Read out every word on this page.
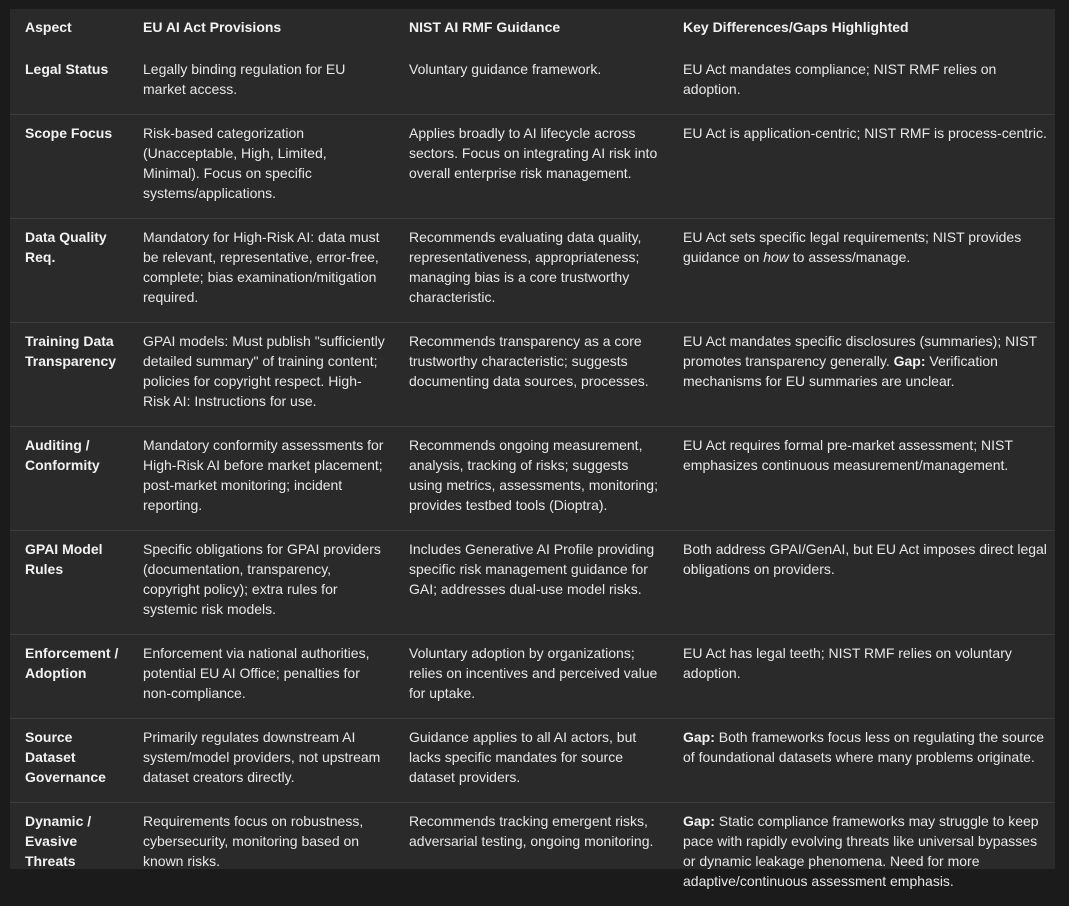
Aspect	EU AI Act Provisions	NIST AI RMF Guidance	Key Differences/Gaps Highlighted
Legal Status	Legally binding regulation for EU market access.	Voluntary guidance framework.	EU Act mandates compliance; NIST RMF relies on adoption.
Scope Focus	Risk-based categorization (Unacceptable, High, Limited, Minimal). Focus on specific systems/applications.	Applies broadly to AI lifecycle across sectors. Focus on integrating AI risk into overall enterprise risk management.	EU Act is application-centric; NIST RMF is process-centric.
Data Quality Req.	Mandatory for High-Risk AI: data must be relevant, representative, error-free, complete; bias examination/mitigation required.	Recommends evaluating data quality, representativeness, appropriateness; managing bias is a core trustworthy characteristic.	EU Act sets specific legal requirements; NIST provides guidance on how to assess/manage.
Training Data Transparency	GPAI models: Must publish "sufficiently detailed summary" of training content; policies for copyright respect. High-Risk AI: Instructions for use.	Recommends transparency as a core trustworthy characteristic; suggests documenting data sources, processes.	EU Act mandates specific disclosures (summaries); NIST promotes transparency generally. Gap: Verification mechanisms for EU summaries are unclear.
Auditing / Conformity	Mandatory conformity assessments for High-Risk AI before market placement; post-market monitoring; incident reporting.	Recommends ongoing measurement, analysis, tracking of risks; suggests using metrics, assessments, monitoring; provides testbed tools (Dioptra).	EU Act requires formal pre-market assessment; NIST emphasizes continuous measurement/management.
GPAI Model Rules	Specific obligations for GPAI providers (documentation, transparency, copyright policy); extra rules for systemic risk models.	Includes Generative AI Profile providing specific risk management guidance for GAI; addresses dual-use model risks.	Both address GPAI/GenAI, but EU Act imposes direct legal obligations on providers.
Enforcement / Adoption	Enforcement via national authorities, potential EU AI Office; penalties for non-compliance.	Voluntary adoption by organizations; relies on incentives and perceived value for uptake.	EU Act has legal teeth; NIST RMF relies on voluntary adoption.
Source Dataset Governance	Primarily regulates downstream AI system/model providers, not upstream dataset creators directly.	Guidance applies to all AI actors, but lacks specific mandates for source dataset providers.	Gap: Both frameworks focus less on regulating the source of foundational datasets where many problems originate.
Dynamic / Evasive Threats	Requirements focus on robustness, cybersecurity, monitoring based on known risks.	Recommends tracking emergent risks, adversarial testing, ongoing monitoring.	Gap: Static compliance frameworks may struggle to keep pace with rapidly evolving threats like universal bypasses or dynamic leakage phenomena. Need for more adaptive/continuous assessment emphasis.
